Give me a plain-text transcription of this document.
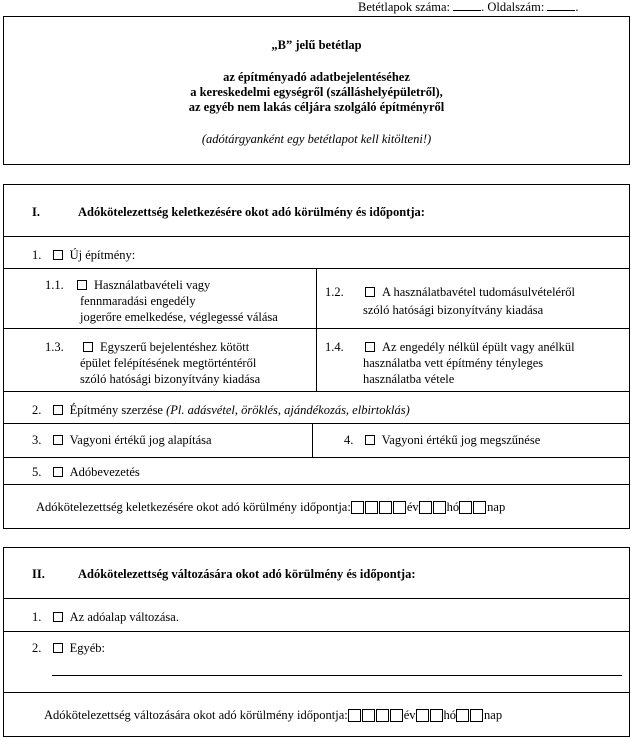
Betétlapok száma: . Oldalszám: .
„B” jelű betétlap
az építményadó adatbejelentéséhez
a kereskedelmi egységről (szálláshelyépületről),
az egyéb nem lakás céljára szolgáló építményről
(adótárgyanként egy betétlapot kell kitölteni!)
I.	Adókötelezettség keletkezésére okot adó körülmény és időpontja:
1. Új építmény:
1.1. Használatbavételi vagy
fennmaradási engedély
jogerőre emelkedése, véglegessé válása
1.2.	A használatbavétel tudomásulvételéről
szóló hatósági bizonyítvány kiadása
1.3.	Egyszerű bejelentéshez kötött
épület felépítésének megtörténtéről
szóló hatósági bizonyítvány kiadása
1.4.	Az engedély nélkül épült vagy anélkül
használatba vett építmény tényleges
használatba vétele
2. Építmény szerzése (Pl. adásvétel, öröklés, ajándékozás, elbirtoklás)
3. Vagyoni értékű jog alapítása	4. Vagyoni értékű jog megszűnése
5. Adóbevezetés
Adókötelezettség keletkezésére okot adó körülmény időpontja:	év hó nap
II.	Adókötelezettség változására okot adó körülmény és időpontja:
1. Az adóalap változása.
2. Egyéb:
Adókötelezettség változására okot adó körülmény időpontja:	év hó nap
